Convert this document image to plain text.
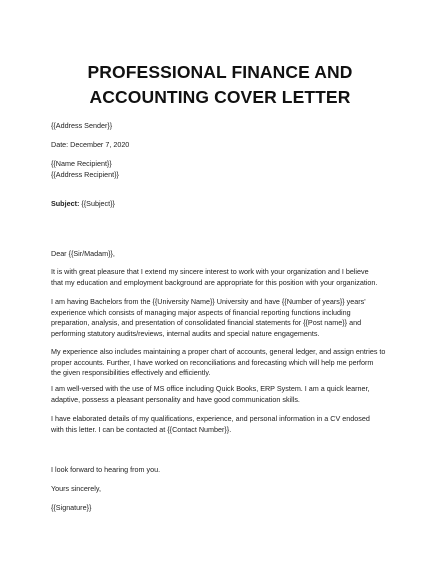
PROFESSIONAL FINANCE AND
ACCOUNTING COVER LETTER
{{Address Sender}}
Date: December 7, 2020
{{Name Recipient}}
{{Address Recipient}}
Subject: {{Subject}}
Dear {{Sir/Madam}},
It is with great pleasure that I extend my sincere interest to work with your organization and I believe
that my education and employment background are appropriate for this position with your organization.
I am having Bachelors from the {{University Name}} University and have {{Number of years}} years'
experience which consists of managing major aspects of financial reporting functions including
preparation, analysis, and presentation of consolidated financial statements for {{Post name}} and
performing statutory audits/reviews, internal audits and special nature engagements.
My experience also includes maintaining a proper chart of accounts, general ledger, and assign entries to
proper accounts. Further, I have worked on reconciliations and forecasting which will help me perform
the given responsibilities effectively and efficiently.
I am well-versed with the use of MS office including Quick Books, ERP System. I am a quick learner,
adaptive, possess a pleasant personality and have good communication skills.
I have elaborated details of my qualifications, experience, and personal information in a CV endosed
with this letter. I can be contacted at {{Contact Number}}.
I look forward to hearing from you.
Yours sincerely,
{{Signature}}
